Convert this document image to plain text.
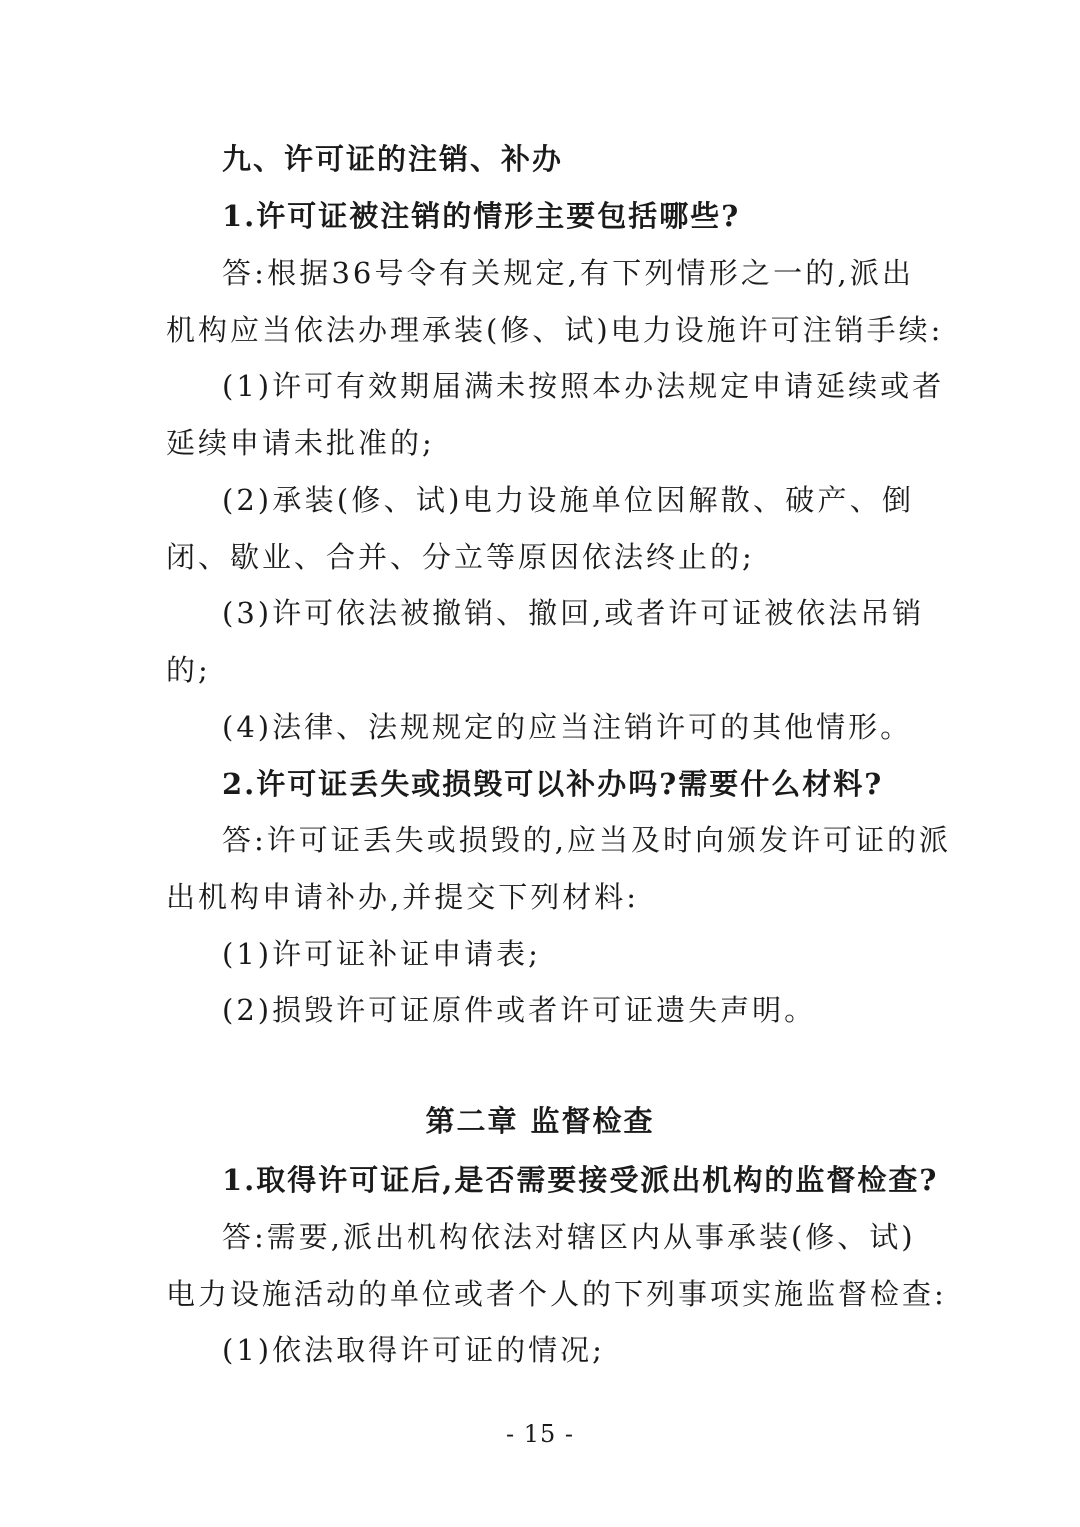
九、许可证的注销、补办
1.许可证被注销的情形主要包括哪些?
答:根据36号令有关规定,有下列情形之一的,派出
机构应当依法办理承装(修、试)电力设施许可注销手续:
(1)许可有效期届满未按照本办法规定申请延续或者
延续申请未批准的;
(2)承装(修、试)电力设施单位因解散、破产、倒
闭、歇业、合并、分立等原因依法终止的;
(3)许可依法被撤销、撤回,或者许可证被依法吊销
的;
(4)法律、法规规定的应当注销许可的其他情形。
2.许可证丢失或损毁可以补办吗?需要什么材料?
答:许可证丢失或损毁的,应当及时向颁发许可证的派
出机构申请补办,并提交下列材料:
(1)许可证补证申请表;
(2)损毁许可证原件或者许可证遗失声明。
第二章 监督检查
1.取得许可证后,是否需要接受派出机构的监督检查?
答:需要,派出机构依法对辖区内从事承装(修、试)
电力设施活动的单位或者个人的下列事项实施监督检查:
(1)依法取得许可证的情况;
- 15 -
